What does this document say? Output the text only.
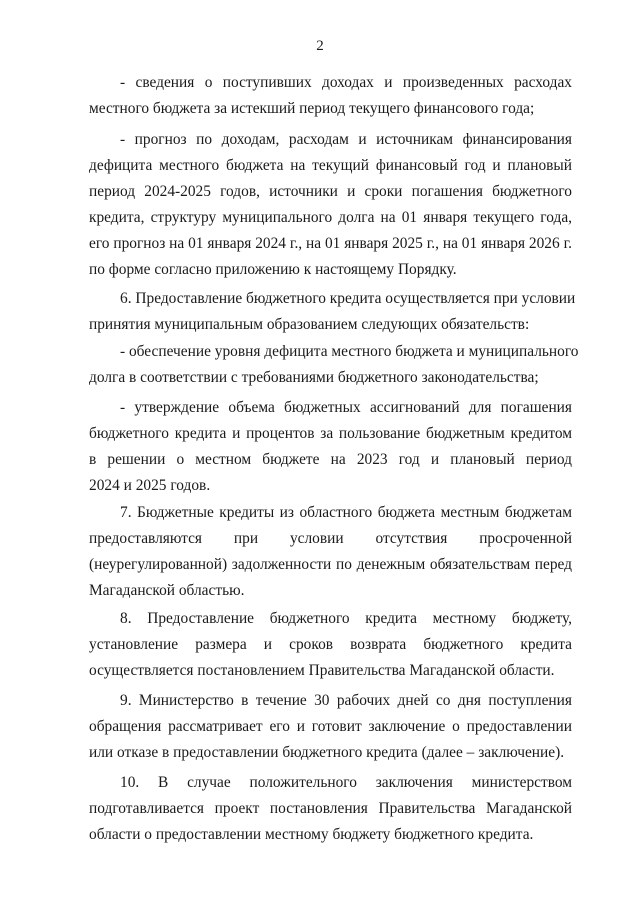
2
- сведения о поступивших доходах и произведенных расходах
местного бюджета за истекший период текущего финансового года;
- прогноз по доходам, расходам и источникам финансирования
дефицита местного бюджета на текущий финансовый год и плановый
период 2024-2025 годов, источники и сроки погашения бюджетного
кредита, структуру муниципального долга на 01 января текущего года,
его прогноз на 01 января 2024 г., на 01 января 2025 г., на 01 января 2026 г.
по форме согласно приложению к настоящему Порядку.
6. Предоставление бюджетного кредита осуществляется при условии
принятия муниципальным образованием следующих обязательств:
- обеспечение уровня дефицита местного бюджета и муниципального
долга в соответствии с требованиями бюджетного законодательства;
- утверждение объема бюджетных ассигнований для погашения
бюджетного кредита и процентов за пользование бюджетным кредитом
в решении о местном бюджете на 2023 год и плановый период
2024 и 2025 годов.
7. Бюджетные кредиты из областного бюджета местным бюджетам
предоставляются при условии отсутствия просроченной
(неурегулированной) задолженности по денежным обязательствам перед
Магаданской областью.
8. Предоставление бюджетного кредита местному бюджету,
установление размера и сроков возврата бюджетного кредита
осуществляется постановлением Правительства Магаданской области.
9. Министерство в течение 30 рабочих дней со дня поступления
обращения рассматривает его и готовит заключение о предоставлении
или отказе в предоставлении бюджетного кредита (далее – заключение).
10. В случае положительного заключения министерством
подготавливается проект постановления Правительства Магаданской
области о предоставлении местному бюджету бюджетного кредита.
